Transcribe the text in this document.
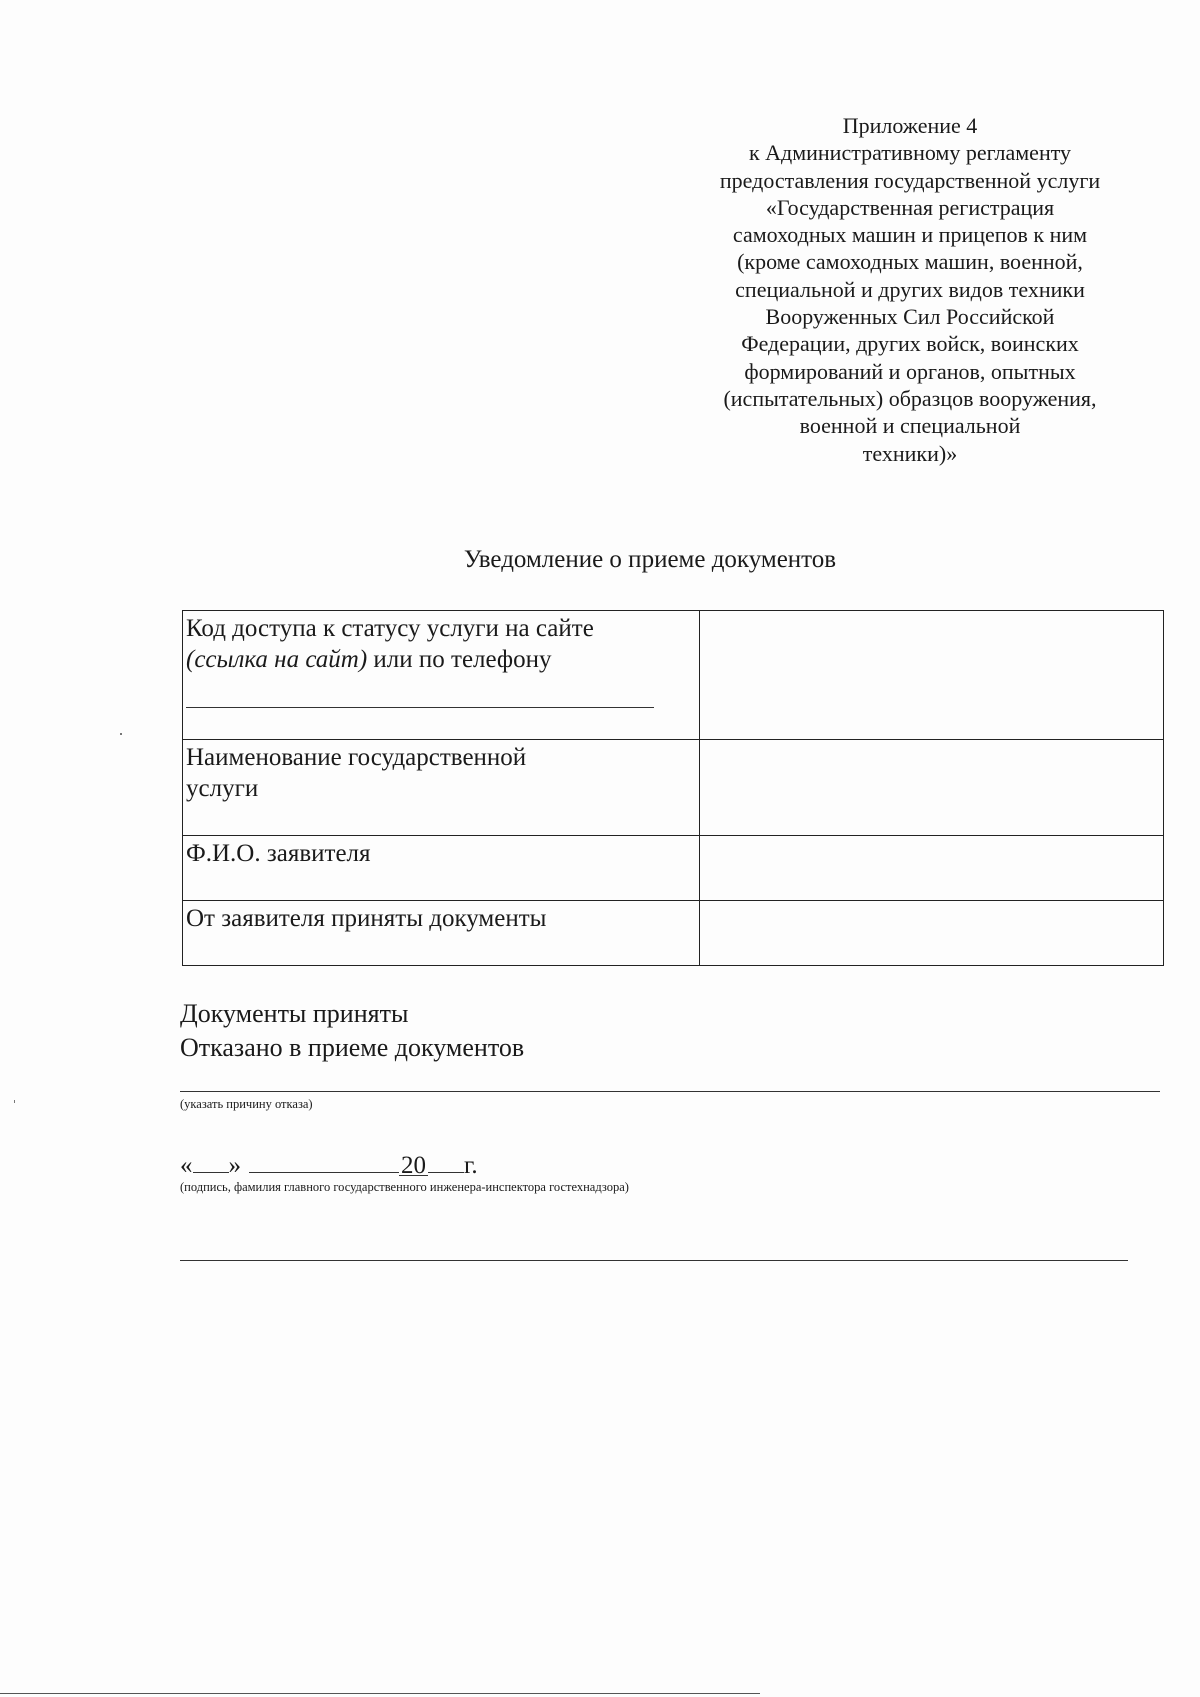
Приложение 4
к Административному регламенту
предоставления государственной услуги
«Государственная регистрация
самоходных машин и прицепов к ним
(кроме самоходных машин, военной,
специальной и других видов техники
Вооруженных Сил Российской
Федерации, других войск, воинских
формирований и органов, опытных
(испытательных) образцов вооружения,
военной и специальной
техники)»
Уведомление о приеме документов
Код доступа к статусу услуги на сайте
(ссылка на сайт) или по телефону

Наименование государственной
услуги	
Ф.И.О. заявителя	
От заявителя приняты документы	
Документы приняты
Отказано в приеме документов
(указать причину отказа)
« »	20 г.
(подпись, фамилия главного государственного инженера-инспектора гостехнадзора)
